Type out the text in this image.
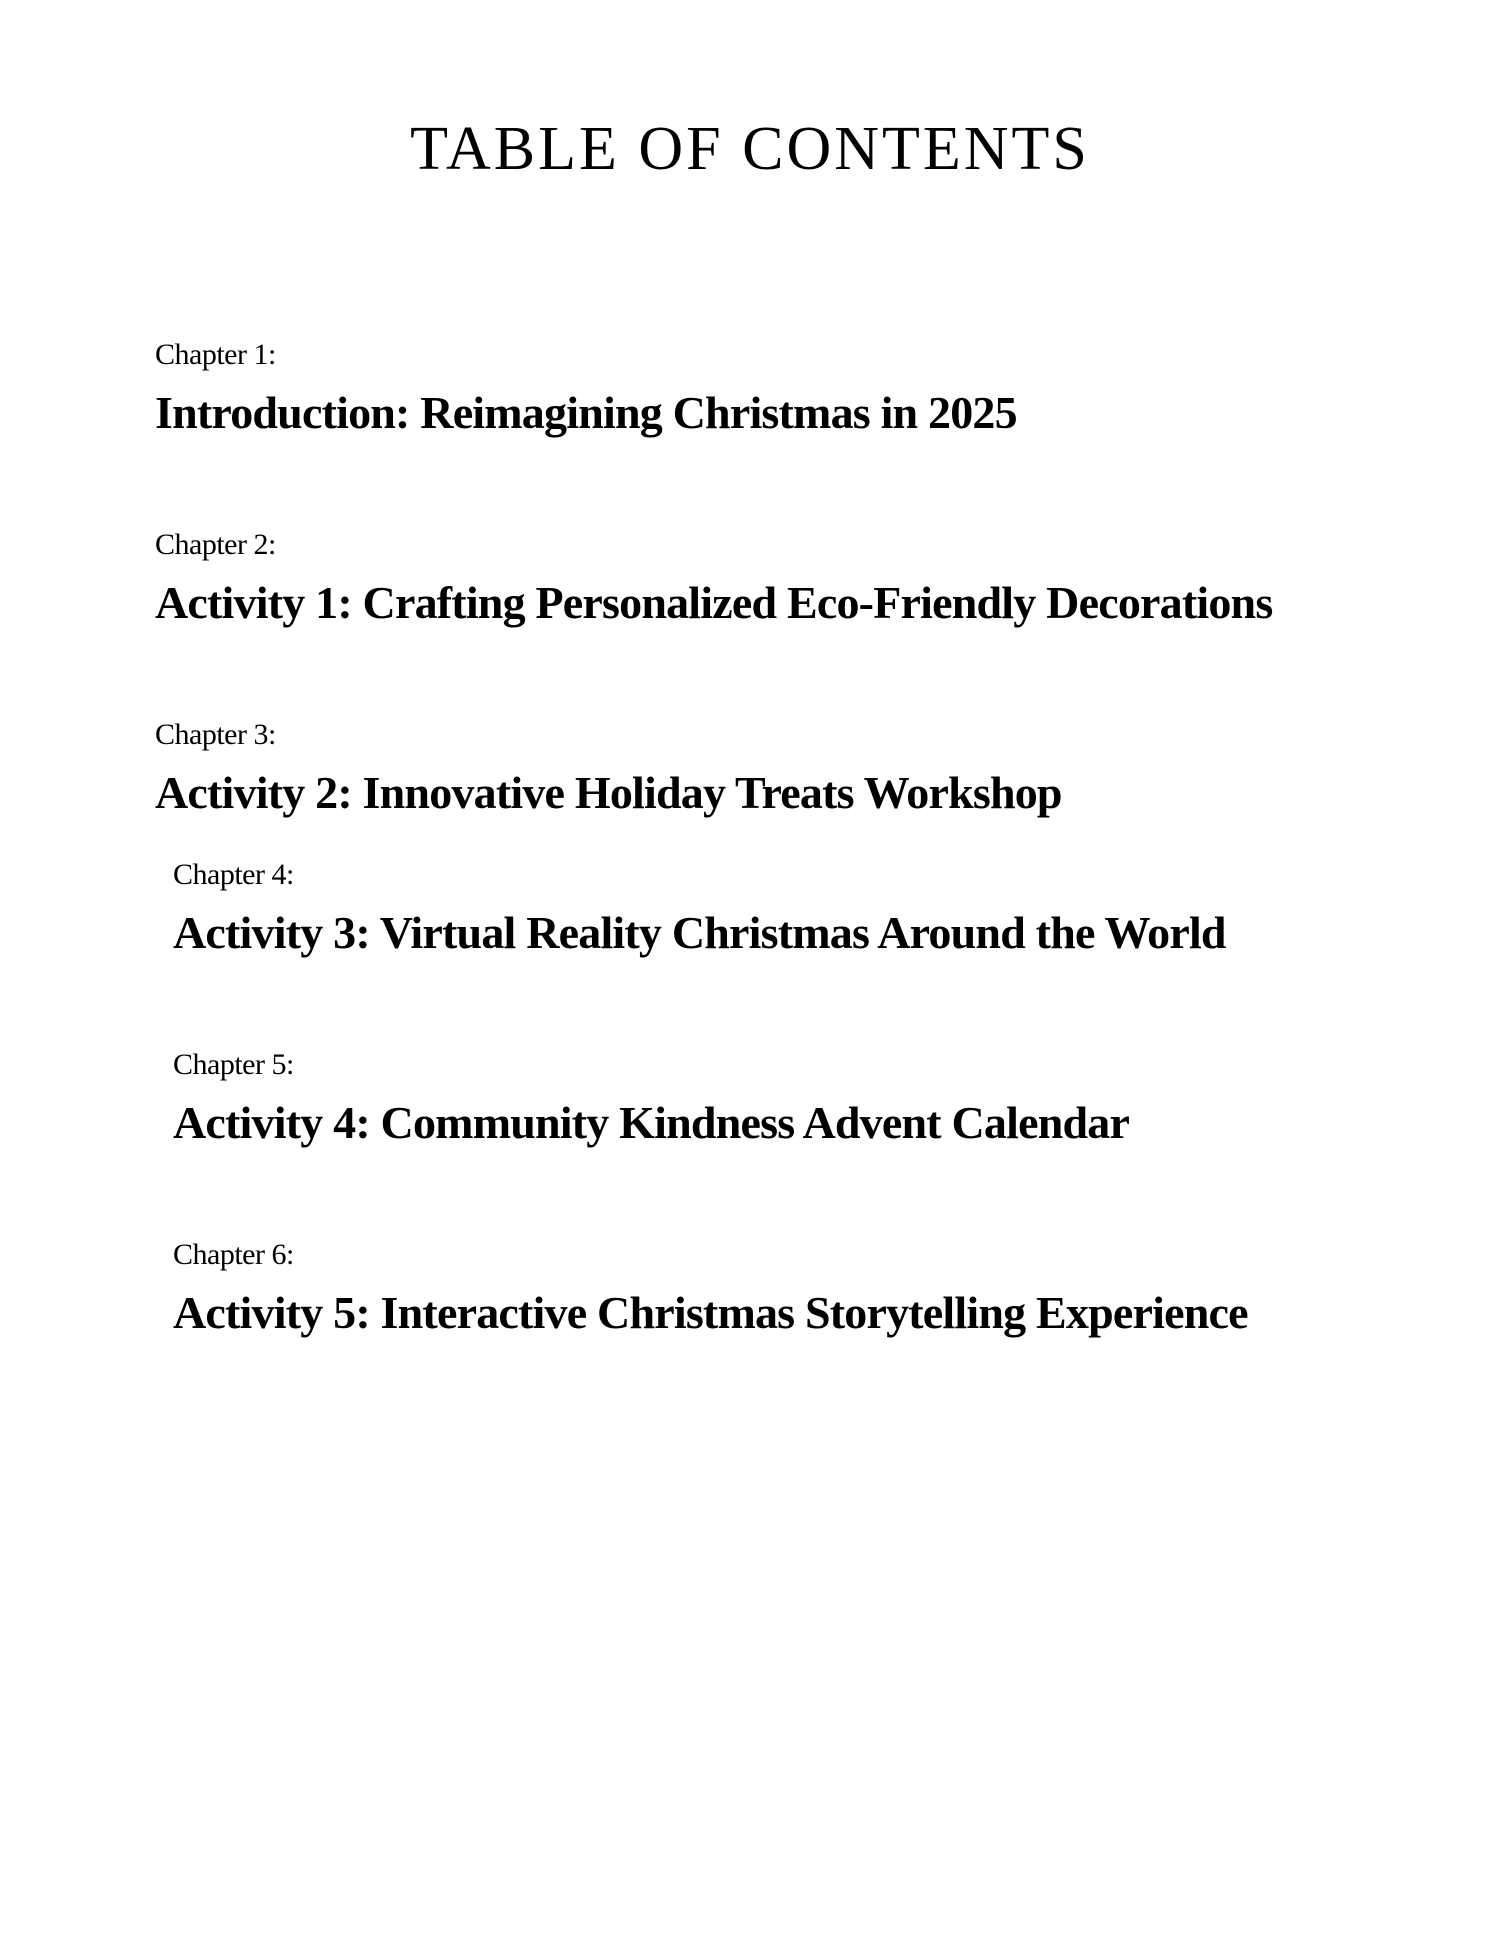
TABLE OF CONTENTS
Chapter 1:
Introduction: Reimagining Christmas in 2025
Chapter 2:
Activity 1: Crafting Personalized Eco-Friendly Decorations
Chapter 3:
Activity 2: Innovative Holiday Treats Workshop
Chapter 4:
Activity 3: Virtual Reality Christmas Around the World
Chapter 5:
Activity 4: Community Kindness Advent Calendar
Chapter 6:
Activity 5: Interactive Christmas Storytelling Experience
